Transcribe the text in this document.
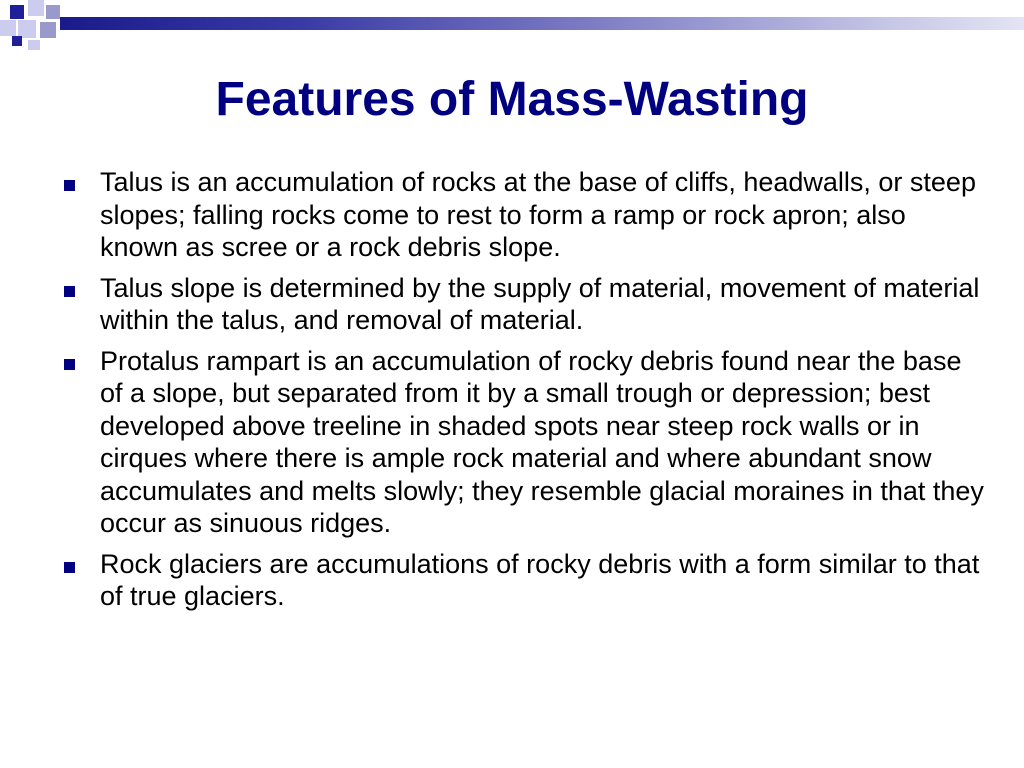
Features of Mass-Wasting
Talus is an accumulation of rocks at the base of cliffs, headwalls, or steep slopes; falling rocks come to rest to form a ramp or rock apron; also known as scree or a rock debris slope.
Talus slope is determined by the supply of material, movement of material within the talus, and removal of material.
Protalus rampart is an accumulation of rocky debris found near the base of a slope, but separated from it by a small trough or depression; best developed above treeline in shaded spots near steep rock walls or in cirques where there is ample rock material and where abundant snow accumulates and melts slowly; they resemble glacial moraines in that they occur as sinuous ridges.
Rock glaciers are accumulations of rocky debris with a form similar to that of true glaciers.
